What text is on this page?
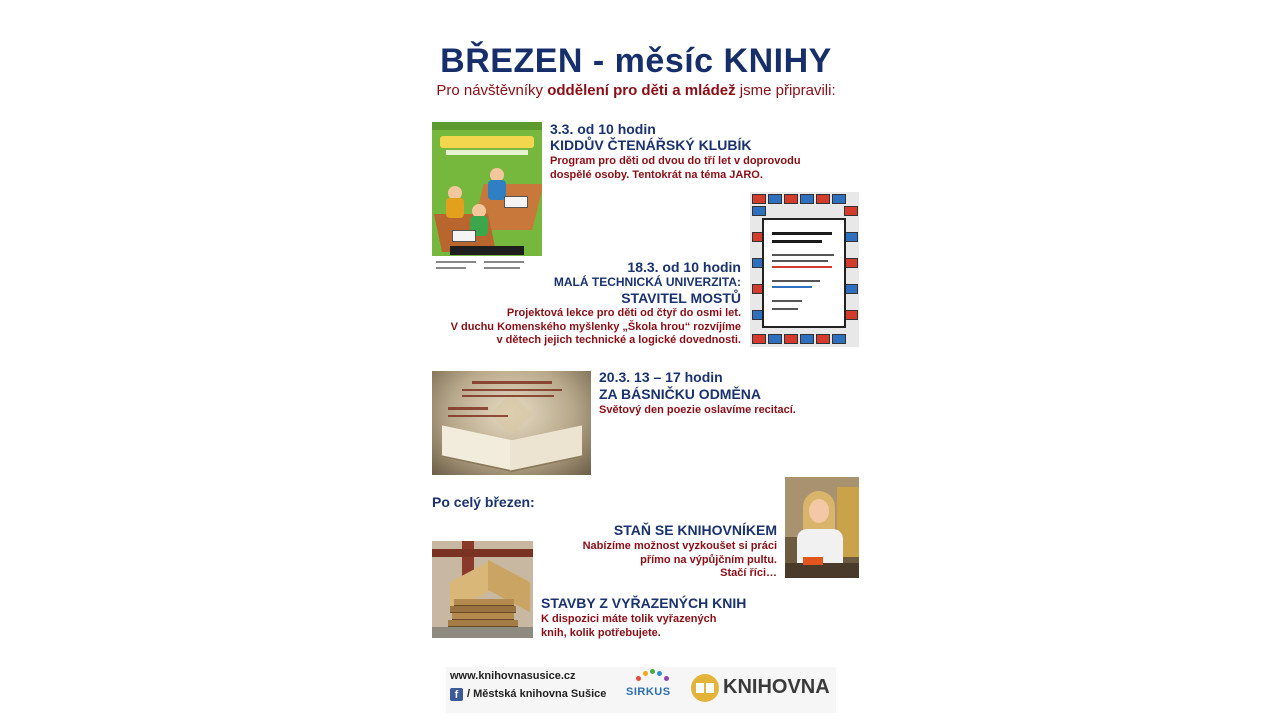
BŘEZEN - měsíc KNIHY
Pro návštěvníky oddělení pro děti a mládež jsme připravili:
3.3. od 10 hodin
KIDDŮV ČTENÁŘSKÝ KLUBÍK
Program pro děti od dvou do tří let v doprovodu
dospělé osoby. Tentokrát na téma JARO.
18.3. od 10 hodin
MALÁ TECHNICKÁ UNIVERZITA:
STAVITEL MOSTŮ
Projektová lekce pro děti od čtyř do osmi let.
V duchu Komenského myšlenky „Škola hrou“ rozvíjíme
v dětech jejich technické a logické dovednosti.
20.3. 13 – 17 hodin
ZA BÁSNIČKU ODMĚNA
Světový den poezie oslavíme recitací.
Po celý březen:
STAŇ SE KNIHOVNÍKEM
Nabízíme možnost vyzkoušet si práci
přímo na výpůjčním pultu.
Stačí říci…
STAVBY Z VYŘAZENÝCH KNIH
K dispozici máte tolik vyřazených
knih, kolik potřebujete.
www.knihovnasusice.cz
f / Městská knihovna Sušice SIRKUS	KNIHOVNA
